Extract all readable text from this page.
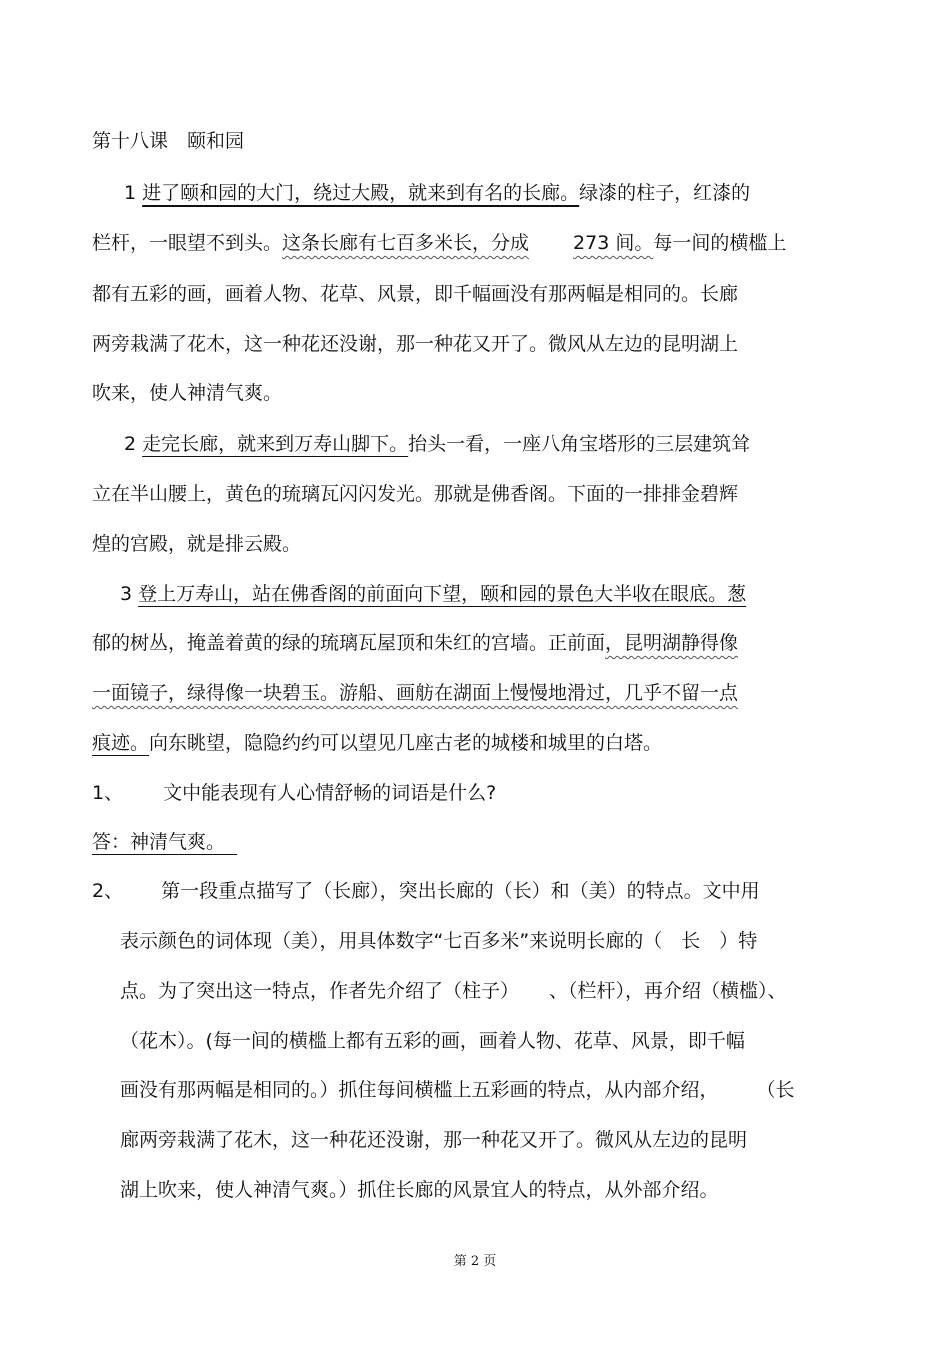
第十八课　颐和园
1 进了颐和园的大门，绕过大殿，就来到有名的长廊。绿漆的柱子，红漆的
栏杆，一眼望不到头。这条长廊有七百多米长，分成 273 间。每一间的横槛上
都有五彩的画，画着人物、花草、风景，即千幅画没有那两幅是相同的。长廊
两旁栽满了花木，这一种花还没谢，那一种花又开了。微风从左边的昆明湖上
吹来，使人神清气爽。
2 走完长廊，就来到万寿山脚下。抬头一看，一座八角宝塔形的三层建筑耸
立在半山腰上，黄色的琉璃瓦闪闪发光。那就是佛香阁。下面的一排排金碧辉
煌的宫殿，就是排云殿。
3 登上万寿山，站在佛香阁的前面向下望，颐和园的景色大半收在眼底。葱
郁的树丛，掩盖着黄的绿的琉璃瓦屋顶和朱红的宫墙。正前面，昆明湖静得像
一面镜子，绿得像一块碧玉。游船、画舫在湖面上慢慢地滑过，几乎不留一点
痕迹。向东眺望，隐隐约约可以望见几座古老的城楼和城里的白塔。
1、 文中能表现有人心情舒畅的词语是什么?
答：神清气爽。
2、 第一段重点描写了（长廊），突出长廊的（长）和（美）的特点。文中用
表示颜色的词体现（美），用具体数字“七百多米”来说明长廊的（　长　）特
点。为了突出这一特点，作者先介绍了（柱子） 、（栏杆），再介绍（横槛）、
（花木）。(每一间的横槛上都有五彩的画，画着人物、花草、风景，即千幅
画没有那两幅是相同的。）抓住每间横槛上五彩画的特点，从内部介绍， （长
廊两旁栽满了花木，这一种花还没谢，那一种花又开了。微风从左边的昆明
湖上吹来，使人神清气爽。）抓住长廊的风景宜人的特点，从外部介绍。
第 2 页
